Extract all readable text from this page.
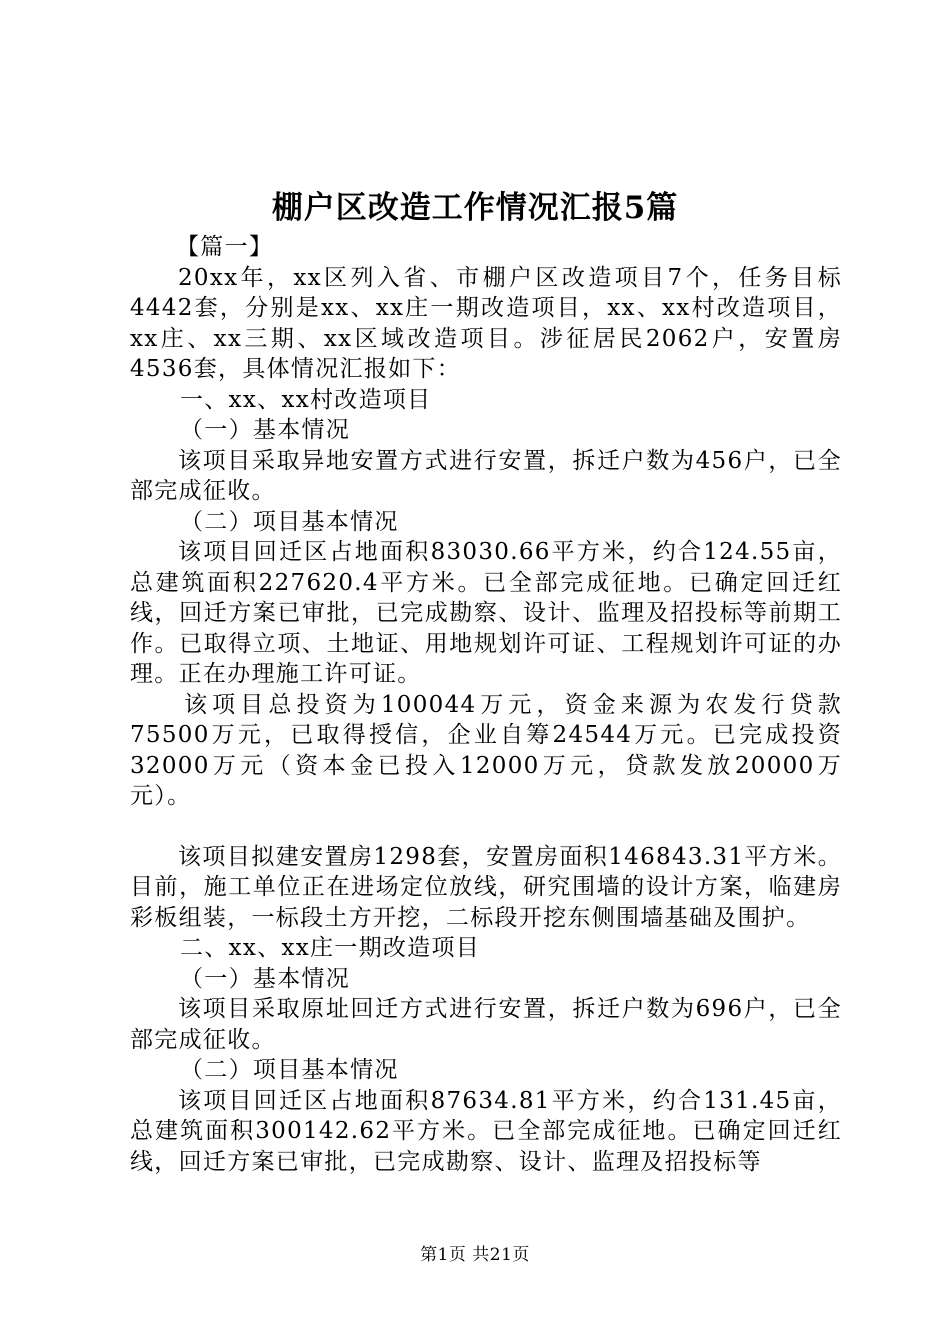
棚户区改造工作情况汇报5篇

【篇一】

20xx年，xx区列入省、市棚户区改造项目7个，任务目标4442套，分别是xx、xx庄一期改造项目，xx、xx村改造项目，xx庄、xx三期、xx区域改造项目。涉征居民2062户，安置房4536套，具体情况汇报如下：

一、xx、xx村改造项目

（一）基本情况

该项目采取异地安置方式进行安置，拆迁户数为456户，已全部完成征收。

（二）项目基本情况

该项目回迁区占地面积83030.66平方米，约合124.55亩，总建筑面积227620.4平方米。已全部完成征地。已确定回迁红线，回迁方案已审批，已完成勘察、设计、监理及招投标等前期工作。已取得立项、土地证、用地规划许可证、工程规划许可证的办理。正在办理施工许可证。

该项目总投资为100044万元，资金来源为农发行贷款75500万元，已取得授信，企业自筹24544万元。已完成投资32000万元（资本金已投入12000万元，贷款发放20000万元）。

该项目拟建安置房1298套，安置房面积146843.31平方米。目前，施工单位正在进场定位放线，研究围墙的设计方案，临建房彩板组装，一标段土方开挖，二标段开挖东侧围墙基础及围护。

二、xx、xx庄一期改造项目

（一）基本情况

该项目采取原址回迁方式进行安置，拆迁户数为696户，已全部完成征收。

（二）项目基本情况

该项目回迁区占地面积87634.81平方米，约合131.45亩，总建筑面积300142.62平方米。已全部完成征地。已确定回迁红线，回迁方案已审批，已完成勘察、设计、监理及招投标等

第1页 共21页
